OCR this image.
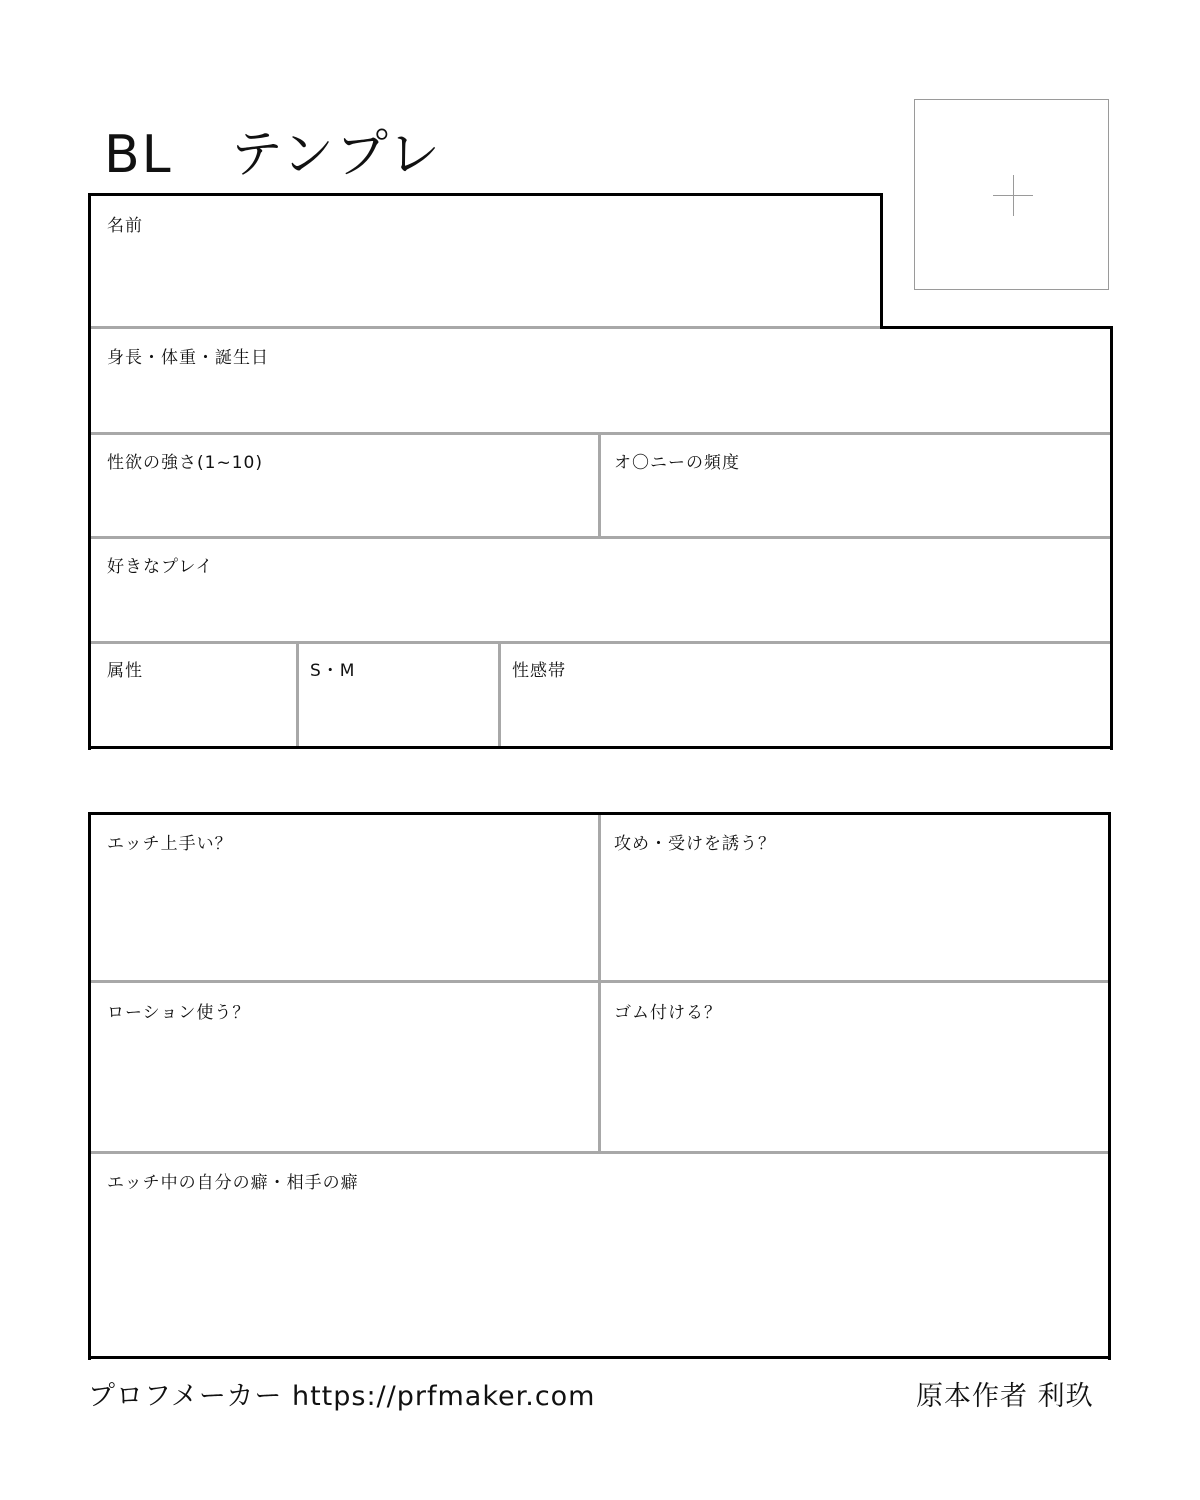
BL テンプレ
名前
身長・体重・誕生日
性欲の強さ(1~10)	オ〇ニーの頻度
好きなプレイ
属性	S・M	性感帯
エッチ上手い？	攻め・受けを誘う？
ローション使う？	ゴム付ける？
エッチ中の自分の癖・相手の癖
プロフメーカー https://prfmaker.com	原本作者 利玖
